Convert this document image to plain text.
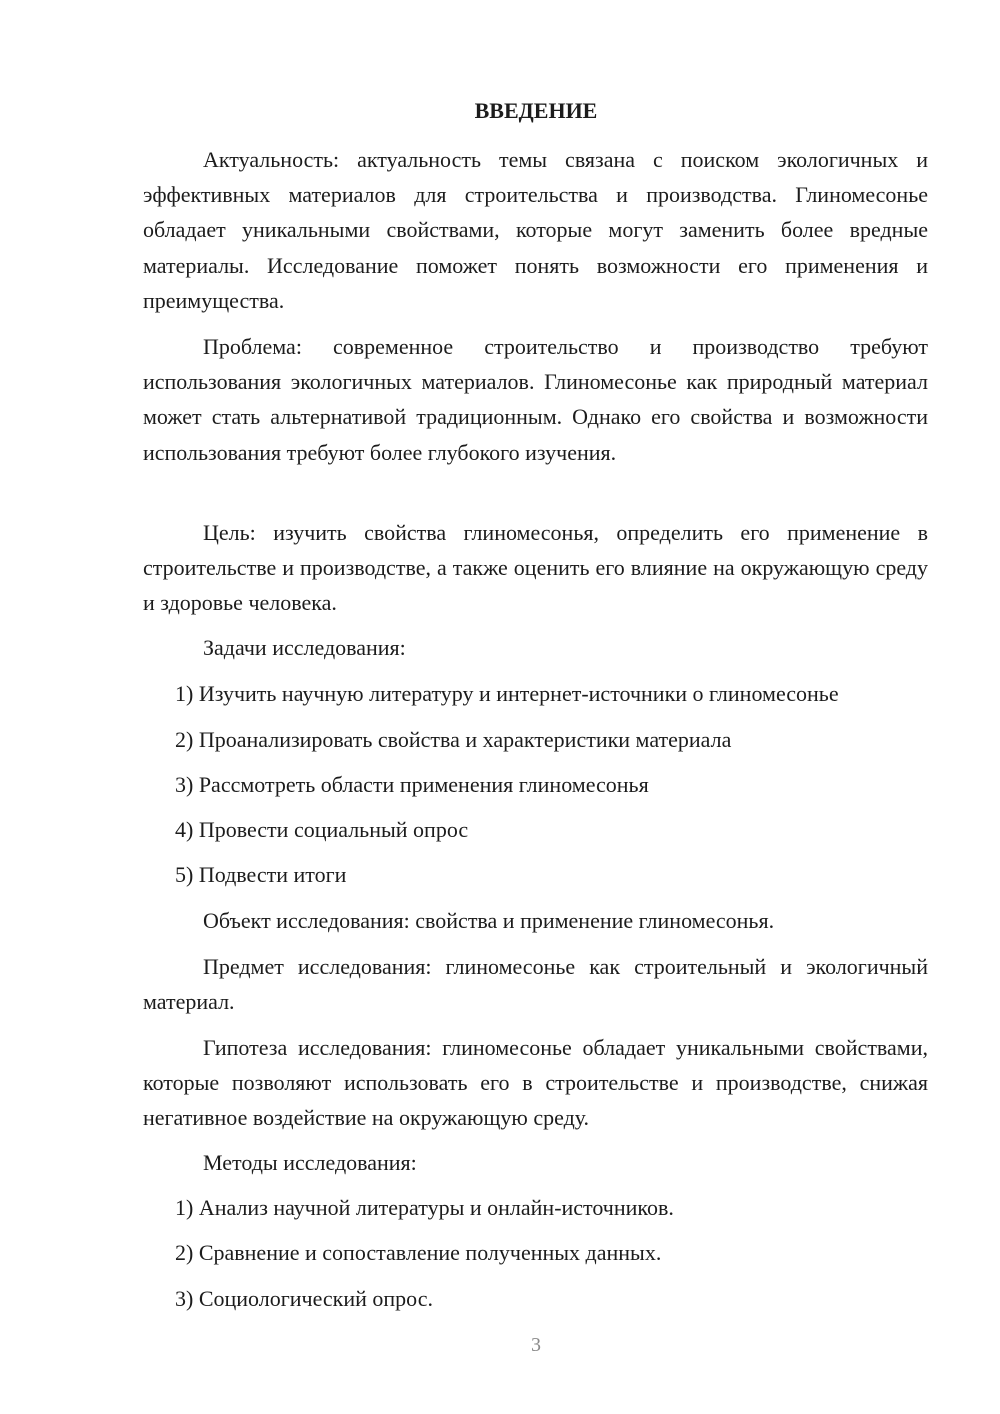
ВВЕДЕНИЕ

Актуальность: актуальность темы связана с поиском экологичных и эффективных материалов для строительства и производства. Глиномесонье обладает уникальными свойствами, которые могут заменить более вредные материалы. Исследование поможет понять возможности его применения и преимущества.

Проблема: современное строительство и производство требуют использования экологичных материалов. Глиномесонье как природный материал может стать альтернативой традиционным. Однако его свойства и возможности использования требуют более глубокого изучения.

Цель: изучить свойства глиномесонья, определить его применение в строительстве и производстве, а также оценить его влияние на окружающую среду и здоровье человека.

Задачи исследования:

1) Изучить научную литературу и интернет-источники о глиномесонье

2) Проанализировать свойства и характеристики материала

3) Рассмотреть области применения глиномесонья

4) Провести социальный опрос

5) Подвести итоги

Объект исследования: свойства и применение глиномесонья.

Предмет исследования: глиномесонье как строительный и экологичный материал.

Гипотеза исследования: глиномесонье обладает уникальными свойствами, которые позволяют использовать его в строительстве и производстве, снижая негативное воздействие на окружающую среду.

Методы исследования:

1) Анализ научной литературы и онлайн-источников.

2) Сравнение и сопоставление полученных данных.

3) Социологический опрос.

3
